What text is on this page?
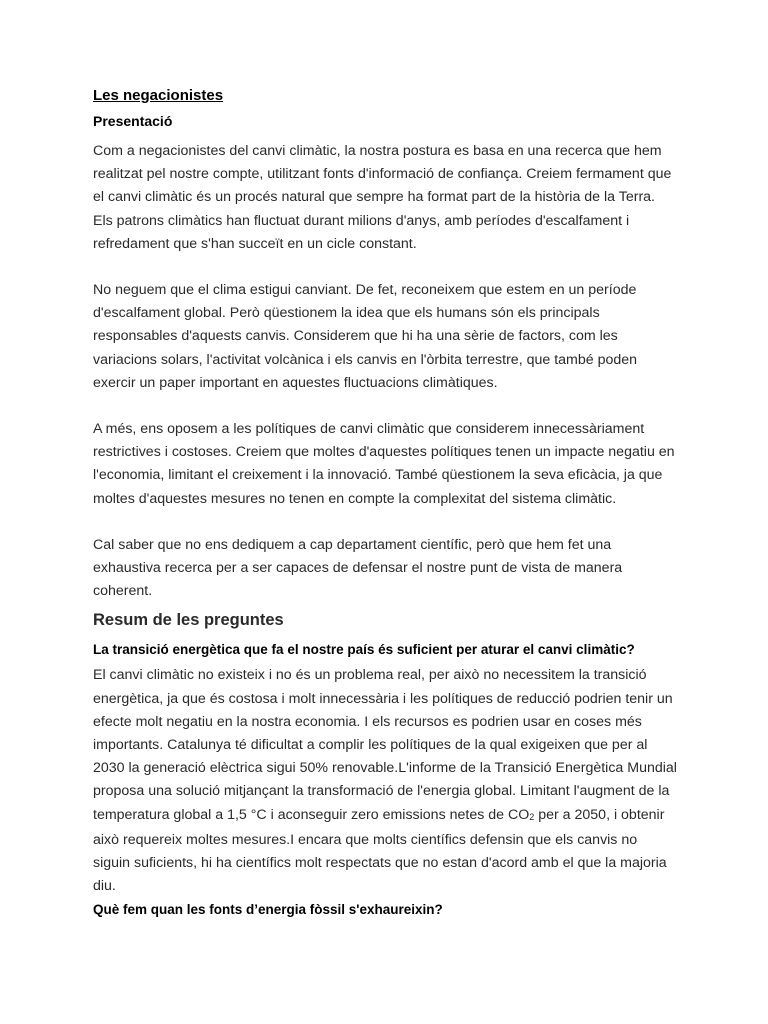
Les negacionistes

Presentació

Com a negacionistes del canvi climàtic, la nostra postura es basa en una recerca que hem realitzat pel nostre compte, utilitzant fonts d'informació de confiança. Creiem fermament que el canvi climàtic és un procés natural que sempre ha format part de la història de la Terra. Els patrons climàtics han fluctuat durant milions d'anys, amb períodes d'escalfament i refredament que s'han succeït en un cicle constant.

No neguem que el clima estigui canviant. De fet, reconeixem que estem en un període d'escalfament global. Però qüestionem la idea que els humans són els principals responsables d'aquests canvis. Considerem que hi ha una sèrie de factors, com les variacions solars, l'activitat volcànica i els canvis en l'òrbita terrestre, que també poden exercir un paper important en aquestes fluctuacions climàtiques.

A més, ens oposem a les polítiques de canvi climàtic que considerem innecessàriament restrictives i costoses. Creiem que moltes d'aquestes polítiques tenen un impacte negatiu en l'economia, limitant el creixement i la innovació. També qüestionem la seva eficàcia, ja que moltes d'aquestes mesures no tenen en compte la complexitat del sistema climàtic.

Cal saber que no ens dediquem a cap departament científic, però que hem fet una exhaustiva recerca per a ser capaces de defensar el nostre punt de vista de manera coherent.

Resum de les preguntes

La transició energètica que fa el nostre país és suficient per aturar el canvi climàtic?

El canvi climàtic no existeix i no és un problema real, per això no necessitem la transició energètica, ja que és costosa i molt innecessària i les polítiques de reducció podrien tenir un efecte molt negatiu en la nostra economia. I els recursos es podrien usar en coses més importants. Catalunya té dificultat a complir les polítiques de la qual exigeixen que per al 2030 la generació elèctrica sigui 50% renovable.L'informe de la Transició Energètica Mundial proposa una solució mitjançant la transformació de l'energia global. Limitant l'augment de la temperatura global a 1,5 °C i aconseguir zero emissions netes de $CO_2$ per a 2050, i obtenir això requereix moltes mesures.I encara que molts científics defensin que els canvis no siguin suficients, hi ha científics molt respectats que no estan d'acord amb el que la majoria diu.

Què fem quan les fonts d’energia fòssil s'exhaureixin?
